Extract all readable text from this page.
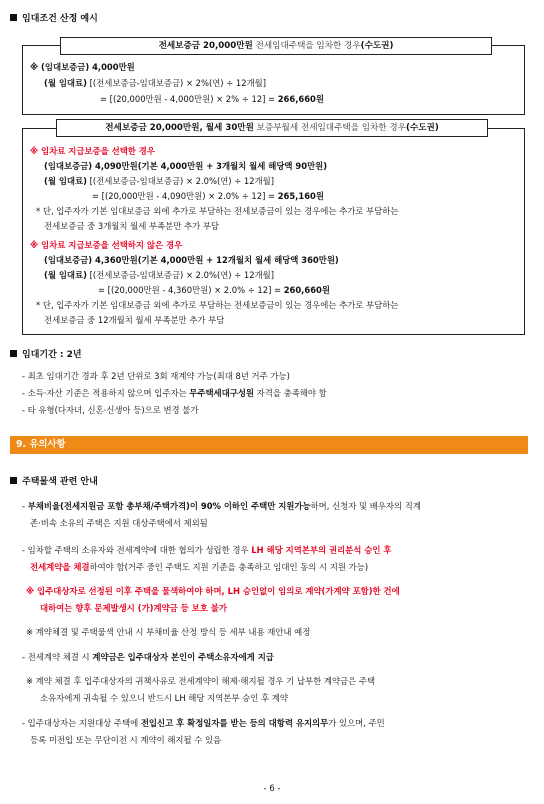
임대조건 산정 예시
전세보증금 20,000만원 전세임대주택을 임차한 경우(수도권)
※ (임대보증금) 4,000만원
(월 임대료) [(전세보증금-임대보증금) × 2%(연) ÷ 12개월]
= [(20,000만원 - 4,000만원) × 2% ÷ 12] = 266,660원
전세보증금 20,000만원, 월세 30만원 보증부월세 전세임대주택을 임차한 경우(수도권)
※ 임차료 지급보증을 선택한 경우
(임대보증금) 4,090만원(기본 4,000만원 + 3개월치 월세 해당액 90만원)
(월 임대료) [(전세보증금-임대보증금) × 2.0%(연) ÷ 12개월]
= [(20,000만원 - 4,090만원) × 2.0% ÷ 12] = 265,160원
* 단, 입주자가 기본 임대보증금 외에 추가로 부담하는 전세보증금이 있는 경우에는 추가로 부담하는
전세보증금 중 3개월치 월세 부족분만 추가 부담
※ 임차료 지급보증을 선택하지 않은 경우
(임대보증금) 4,360만원(기본 4,000만원 + 12개월치 월세 해당액 360만원)
(월 임대료) [(전세보증금-임대보증금) × 2.0%(연) ÷ 12개월]
= [(20,000만원 - 4,360만원) × 2.0% ÷ 12] = 260,660원
* 단, 입주자가 기본 임대보증금 외에 추가로 부담하는 전세보증금이 있는 경우에는 추가로 부담하는
전세보증금 중 12개월치 월세 부족분만 추가 부담
임대기간 : 2년
- 최초 임대기간 경과 후 2년 단위로 3회 재계약 가능(최대 8년 거주 가능)
- 소득·자산 기준은 적용하지 않으며 입주자는 무주택세대구성원 자격을 충족해야 함
- 타 유형(다자녀, 신혼·신생아 등)으로 변경 불가
9. 유의사항
주택물색 관련 안내
- 부채비율(전세지원금 포함 총부채/주택가격)이 90% 이하인 주택만 지원가능하며, 신청자 및 배우자의 직계
존·비속 소유의 주택은 지원 대상주택에서 제외됨
- 임차할 주택의 소유자와 전세계약에 대한 협의가 성립한 경우 LH 해당 지역본부의 권리분석 승인 후
전세계약을 체결하여야 함(거주 중인 주택도 지원 기준을 충족하고 임대인 동의 시 지원 가능)
※ 입주대상자로 선정된 이후 주택을 물색하여야 하며, LH 승인없이 임의로 계약(가계약 포함)한 건에
대하여는 향후 문제발생시 (가)계약금 등 보호 불가
※ 계약체결 및 주택물색 안내 시 부채비율 산정 방식 등 세부 내용 재안내 예정
- 전세계약 체결 시 계약금은 입주대상자 본인이 주택소유자에게 지급
※ 계약 체결 후 입주대상자의 귀책사유로 전세계약이 해제·해지될 경우 기 납부한 계약금은 주택
소유자에게 귀속될 수 있으니 반드시 LH 해당 지역본부 승인 후 계약
- 입주대상자는 지원대상 주택에 전입신고 후 확정일자를 받는 등의 대항력 유지의무가 있으며, 주민
등록 미전입 또는 무단이전 시 계약이 해지될 수 있음
- 6 -
